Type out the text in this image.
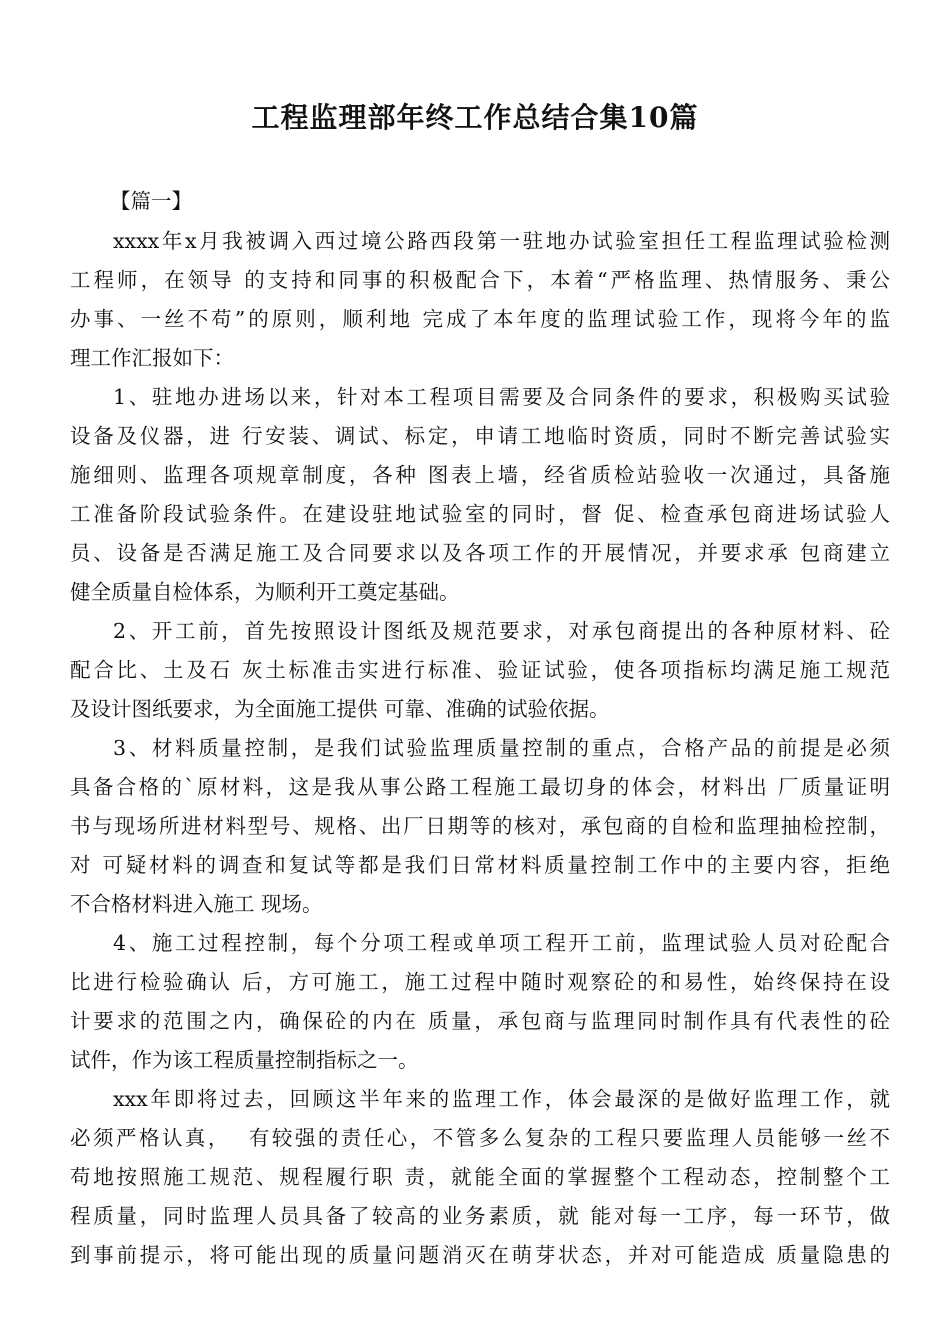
工程监理部年终工作总结合集10篇
【篇一】
xxxx年x月我被调入西过境公路西段第一驻地办试验室担任工程监理试验检测
工程师，在领导 的支持和同事的积极配合下，本着“严格监理、热情服务、秉公
办事、一丝不苟”的原则，顺利地 完成了本年度的监理试验工作，现将今年的监
理工作汇报如下：
1、驻地办进场以来，针对本工程项目需要及合同条件的要求，积极购买试验
设备及仪器，进 行安装、调试、标定，申请工地临时资质，同时不断完善试验实
施细则、监理各项规章制度，各种 图表上墙，经省质检站验收一次通过，具备施
工准备阶段试验条件。在建设驻地试验室的同时，督 促、检查承包商进场试验人
员、设备是否满足施工及合同要求以及各项工作的开展情况，并要求承 包商建立
健全质量自检体系，为顺利开工奠定基础。
2、开工前，首先按照设计图纸及规范要求，对承包商提出的各种原材料、砼
配合比、土及石 灰土标准击实进行标准、验证试验，使各项指标均满足施工规范
及设计图纸要求，为全面施工提供 可靠、准确的试验依据。
3、材料质量控制，是我们试验监理质量控制的重点，合格产品的前提是必须
具备合格的`原材料，这是我从事公路工程施工最切身的体会，材料出 厂质量证明
书与现场所进材料型号、规格、出厂日期等的核对，承包商的自检和监理抽检控制，
对 可疑材料的调查和复试等都是我们日常材料质量控制工作中的主要内容，拒绝
不合格材料进入施工 现场。
4、施工过程控制，每个分项工程或单项工程开工前，监理试验人员对砼配合
比进行检验确认 后，方可施工，施工过程中随时观察砼的和易性，始终保持在设
计要求的范围之内，确保砼的内在 质量，承包商与监理同时制作具有代表性的砼
试件，作为该工程质量控制指标之一。
xxx年即将过去，回顾这半年来的监理工作，体会最深的是做好监理工作，就
必须严格认真，  有较强的责任心，不管多么复杂的工程只要监理人员能够一丝不
苟地按照施工规范、规程履行职 责，就能全面的掌握整个工程动态，控制整个工
程质量，同时监理人员具备了较高的业务素质，就 能对每一工序，每一环节，做
到事前提示，将可能出现的质量问题消灭在萌芽状态，并对可能造成 质量隐患的
